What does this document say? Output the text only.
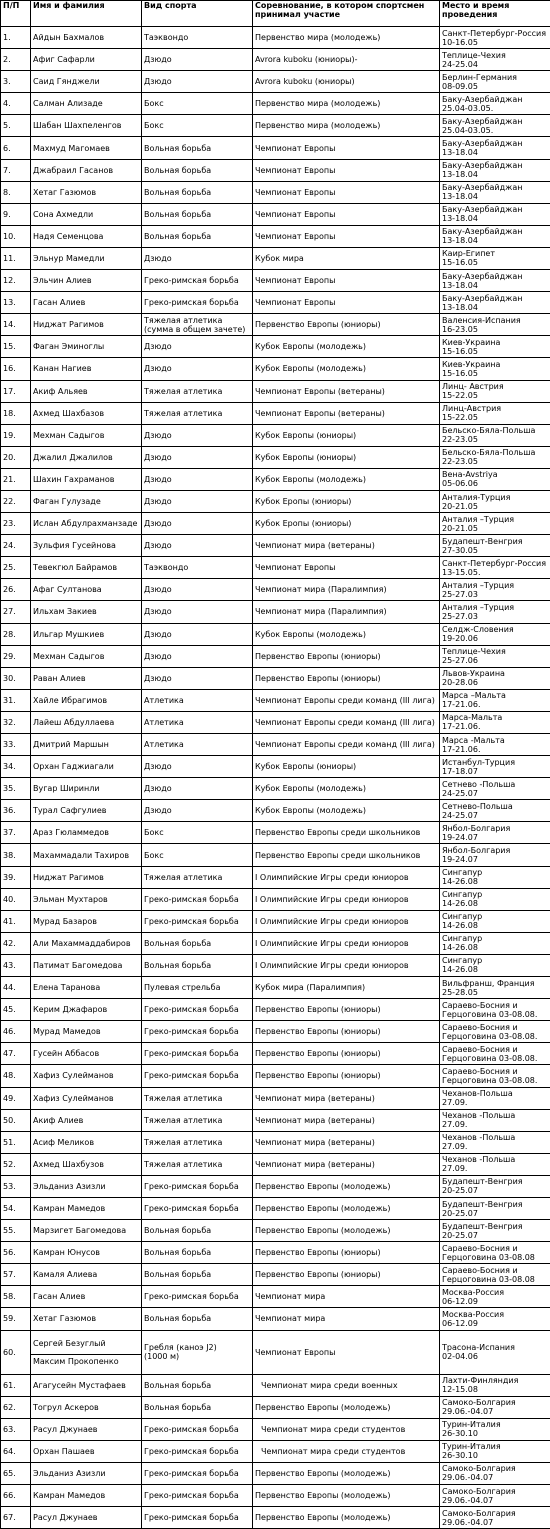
П/П	Имя и фамилия	Вид спорта	Соревнование, в котором спортсмен принимал участие	Место и время проведения
1.	Айдын Бахмалов	Таэквондо	Первенство мира (молодежь)	Санкт-Петербург-Россия
10-16.05

2.	Афиг Сафарли	Дзюдо	Avrora kuboku (юниоры)-	Теплице-Чехия
24-25.04

3.	Саид Гянджели	Дзюдо	Avrora kuboku (юниоры)	Берлин-Германия
08-09.05

4.	Салман Ализаде	Бокс	Первенство мира (молодежь)	Баку-Азербайджан
25.04-03.05.

5.	Шабан Шахпеленгов	Бокс	Первенство мира (молодежь)	Баку-Азербайджан
25.04-03.05.

6.	Махмуд Магомаев	Вольная борьба	Чемпионат Европы	Баку-Азербайджан
13-18.04

7.	Джабраил Гасанов	Вольная борьба	Чемпионат Европы	Баку-Азербайджан
13-18.04

8.	Хетаг Газюмов	Вольная борьба	Чемпионат Европы	Баку-Азербайджан
13-18.04

9.	Сона Ахмедли	Вольная борьба	Чемпионат Европы	Баку-Азербайджан
13-18.04

10.	Надя Семенцова	Вольная борьба	Чемпионат Европы	Баку-Азербайджан
13-18.04

11.	Эльнур Мамедли	Дзюдо	Кубок мира	Каир-Египет
15-16.05

12.	Эльчин Алиев	Греко-римская борьба	Чемпионат Европы	Баку-Азербайджан
13-18.04

13.	Гасан Алиев	Греко-римская борьба	Чемпионат Европы	Баку-Азербайджан
13-18.04

14.	Ниджат Рагимов	Тяжелая атлетика (сумма в общем зачете)	Первенство Европы (юниоры)	Валенсия-Испания
16-23.05

15.	Фаган Эминоглы	Дзюдо	Кубок Европы (молодежь)	Киев-Украина
15-16.05

16.	Канан Нагиев	Дзюдо	Кубок Европы (молодежь)	Киев-Украина
15-16.05

17.	Акиф Альяев	Тяжелая атлетика	Чемпионат Европы (ветераны)	Линц- Австрия
15-22.05

18.	Ахмед Шахбазов	Тяжелая атлетика	Чемпионат Европы (ветераны)	Линц-Австрия
15-22.05

19.	Мехман Садыгов	Дзюдо	Кубок Европы (юниоры)	Бельско-Бяла-Польша
22-23.05

20.	Джалил Джалилов	Дзюдо	Кубок Европы (юниоры)	Бельско-Бяла-Польша
22-23.05

21.	Шахин Гахраманов	Дзюдо	Кубок Европы (молодежь)	Вена-Avstriya
05-06.06

22.	Фаган Гулузаде	Дзюдо	Кубок Еропы (юниоры)	Анталия-Турция
20-21.05

23.	Ислан Абдулрахманзаде	Дзюдо	Кубок Еропы (юниоры)	Анталия –Турция
20-21.05

24.	Зульфия Гусейнова	Дзюдо	Чемпионат мира (ветераны)	Будапешт-Венгрия
27-30.05

25.	Тевекгюл Байрамов	Таэквондо	Чемпионат Европы	Санкт-Петербург-Россия
13-15.05.

26.	Афаг Султанова	Дзюдо	Чемпионат мира (Паралимпия)	Анталия –Турция
25-27.03

27.	Ильхам Закиев	Дзюдо	Чемпионат мира (Паралимпия)	Анталия –Турция
25-27.03

28.	Ильгар Мушкиев	Дзюдо	Кубок Европы (молодежь)	Селдж-Словения
19-20.06

29.	Мехман Садыгов	Дзюдо	Первенство Европы (юниоры)	Теплице-Чехия
25-27.06

30.	Раван Алиев	Дзюдо	Первенство Европы (юниоры)	Львов-Украина
20-28.06

31.	Хайле Ибрагимов	Атлетика	Чемпионат Европы среди команд (III лига)	Марса –Мальта
17-21.06.

32.	Лайеш Абдуллаева	Атлетика	Чемпионат Европы среди команд (III лига)	Марса-Мальта
17-21.06.

33.	Дмитрий Маршын	Атлетика	Чемпионат Европы среди команд (III лига)	Марса -Мальта
17-21.06.

34.	Орхан Гаджиагали	Дзюдо	Кубок Европы (юниоры)	Истанбул-Турция
17-18.07

35.	Вугар Ширинли	Дзюдо	Кубок Европы (молодежь)	Сетнево -Польша
24-25.07

36.	Турал Сафгулиев	Дзюдо	Кубок Европы (молодежь)	Сетнево-Польша
24-25.07

37.	Араз Гюламмедов	Бокс	Первенство Европы среди школьников	Янбол-Болгария
19-24.07

38.	Махаммадали Тахиров	Бокс	Первенство Европы среди школьников	Янбол-Болгария
19-24.07

39.	Ниджат Рагимов	Тяжелая атлетика	I Олимпийские Игры среди юниоров	Сингапур
14-26.08

40.	Эльман Мухтаров	Греко-римская борьба	I Олимпийские Игры среди юниоров	Сингапур
14-26.08

41.	Мурад Базаров	Греко-римская борьба	I Олимпийские Игры среди юниоров	Сингапур
14-26.08

42.	Али Махаммаддабиров	Вольная борьба	I Олимпийские Игры среди юниоров	Сингапур
14-26.08

43.	Патимат Багомедова	Вольная борьба	I Олимпийские Игры среди юниоров	Сингапур
14-26.08

44.	Елена Таранова	Пулевая стрельба	Кубок мира (Паралимпия)	Вильфранш, Франция
25-28.05

45.	Керим Джафаров	Греко-римская борьба	Первенство Европы (юниоры)	Сараево-Босния и
Герцоговина 03-08.08.

46.	Мурад Мамедов	Греко-римская борьба	Первенство Европы (юниоры)	Сараево-Босния и
Герцоговина 03-08.08.

47.	Гусейн Аббасов	Греко-римская борьба	Первенство Европы (юниоры)	Сараево-Босния и
Герцоговина 03-08.08.

48.	Хафиз Сулейманов	Греко-римская борьба	Первенство Европы (юниоры)	Сараево-Босния и
Герцоговина 03-08.08.

49.	Хафиз Сулейманов	Тяжелая атлетика	Чемпионат мира (ветераны)	Чеханов-Польша
27.09.

50.	Акиф Алиев	Тяжелая атлетика	Чемпионат мира (ветераны)	Чеханов -Польша
27.09.

51.	Асиф Меликов	Тяжелая атлетика	Чемпионат мира (ветераны)	Чеханов -Польша
27.09.

52.	Ахмед Шахбузов	Тяжелая атлетика	Чемпионат мира (ветераны)	Чеханов -Польша
27.09.

53.	Эльданиз Азизли	Греко-римская борьба	Первенство Европы (молодежь)	Будапешт-Венгрия
20-25.07

54.	Камран Мамедов	Греко-римская борьба	Первенство Европы (молодежь)	Будапешт-Венгрия
20-25.07

55.	Марзигет Багомедова	Вольная борьба	Первенство Европы (молодежь)	Будапешт-Венгрия
20-25.07

56.	Камран Юнусов	Вольная борьба	Первенство Европы (юниоры)	Сараево-Босния и
Герцоговина 03-08.08

57.	Камаля Алиева	Вольная борьба	Первенство Европы (юниоры)	Сараево-Босния и
Герцоговина 03-08.08

58.	Гасан Алиев	Греко-римская борьба	Чемпионат мира	Москва-Россия
06-12.09

59.	Хетаг Газюмов	Вольная борьба	Чемпионат мира	Москва-Россия
06-12.09

60.	Сергей Безуглый
Максим Прокопенко	Гребля (каноэ J2)
(1000 м)	Чемпионат Европы	Трасона-Испания
02-04.06

61.	Агагусейн Мустафаев	Вольная борьба	Чемпионат мира среди военных	Лахти-Финляндия
12-15.08

62.	Тогрул Аскеров	Вольная борьба	Первенство Европы (молодежь)	Самоко-Болгария
29.06.-04.07

63.	Расул Джунаев	Греко-римская борьба	Чемпионат мира среди студентов	Турин-Италия
26-30.10

64.	Орхан Пашаев	Греко-римская борьба	Чемпионат мира среди студентов	Турин-Италия
26-30.10

65.	Эльданиз Азизли	Греко-римская борьба	Первенство Европы (молодежь)	Самоко-Болгария
29.06.-04.07

66.	Камран Мамедов	Греко-римская борьба	Первенство Европы (молодежь)	Самоко-Болгария
29.06.-04.07

67.	Расул Джунаев	Греко-римская борьба	Первенство Европы (молодежь)	Самоко-Болгария
29.06.-04.07
